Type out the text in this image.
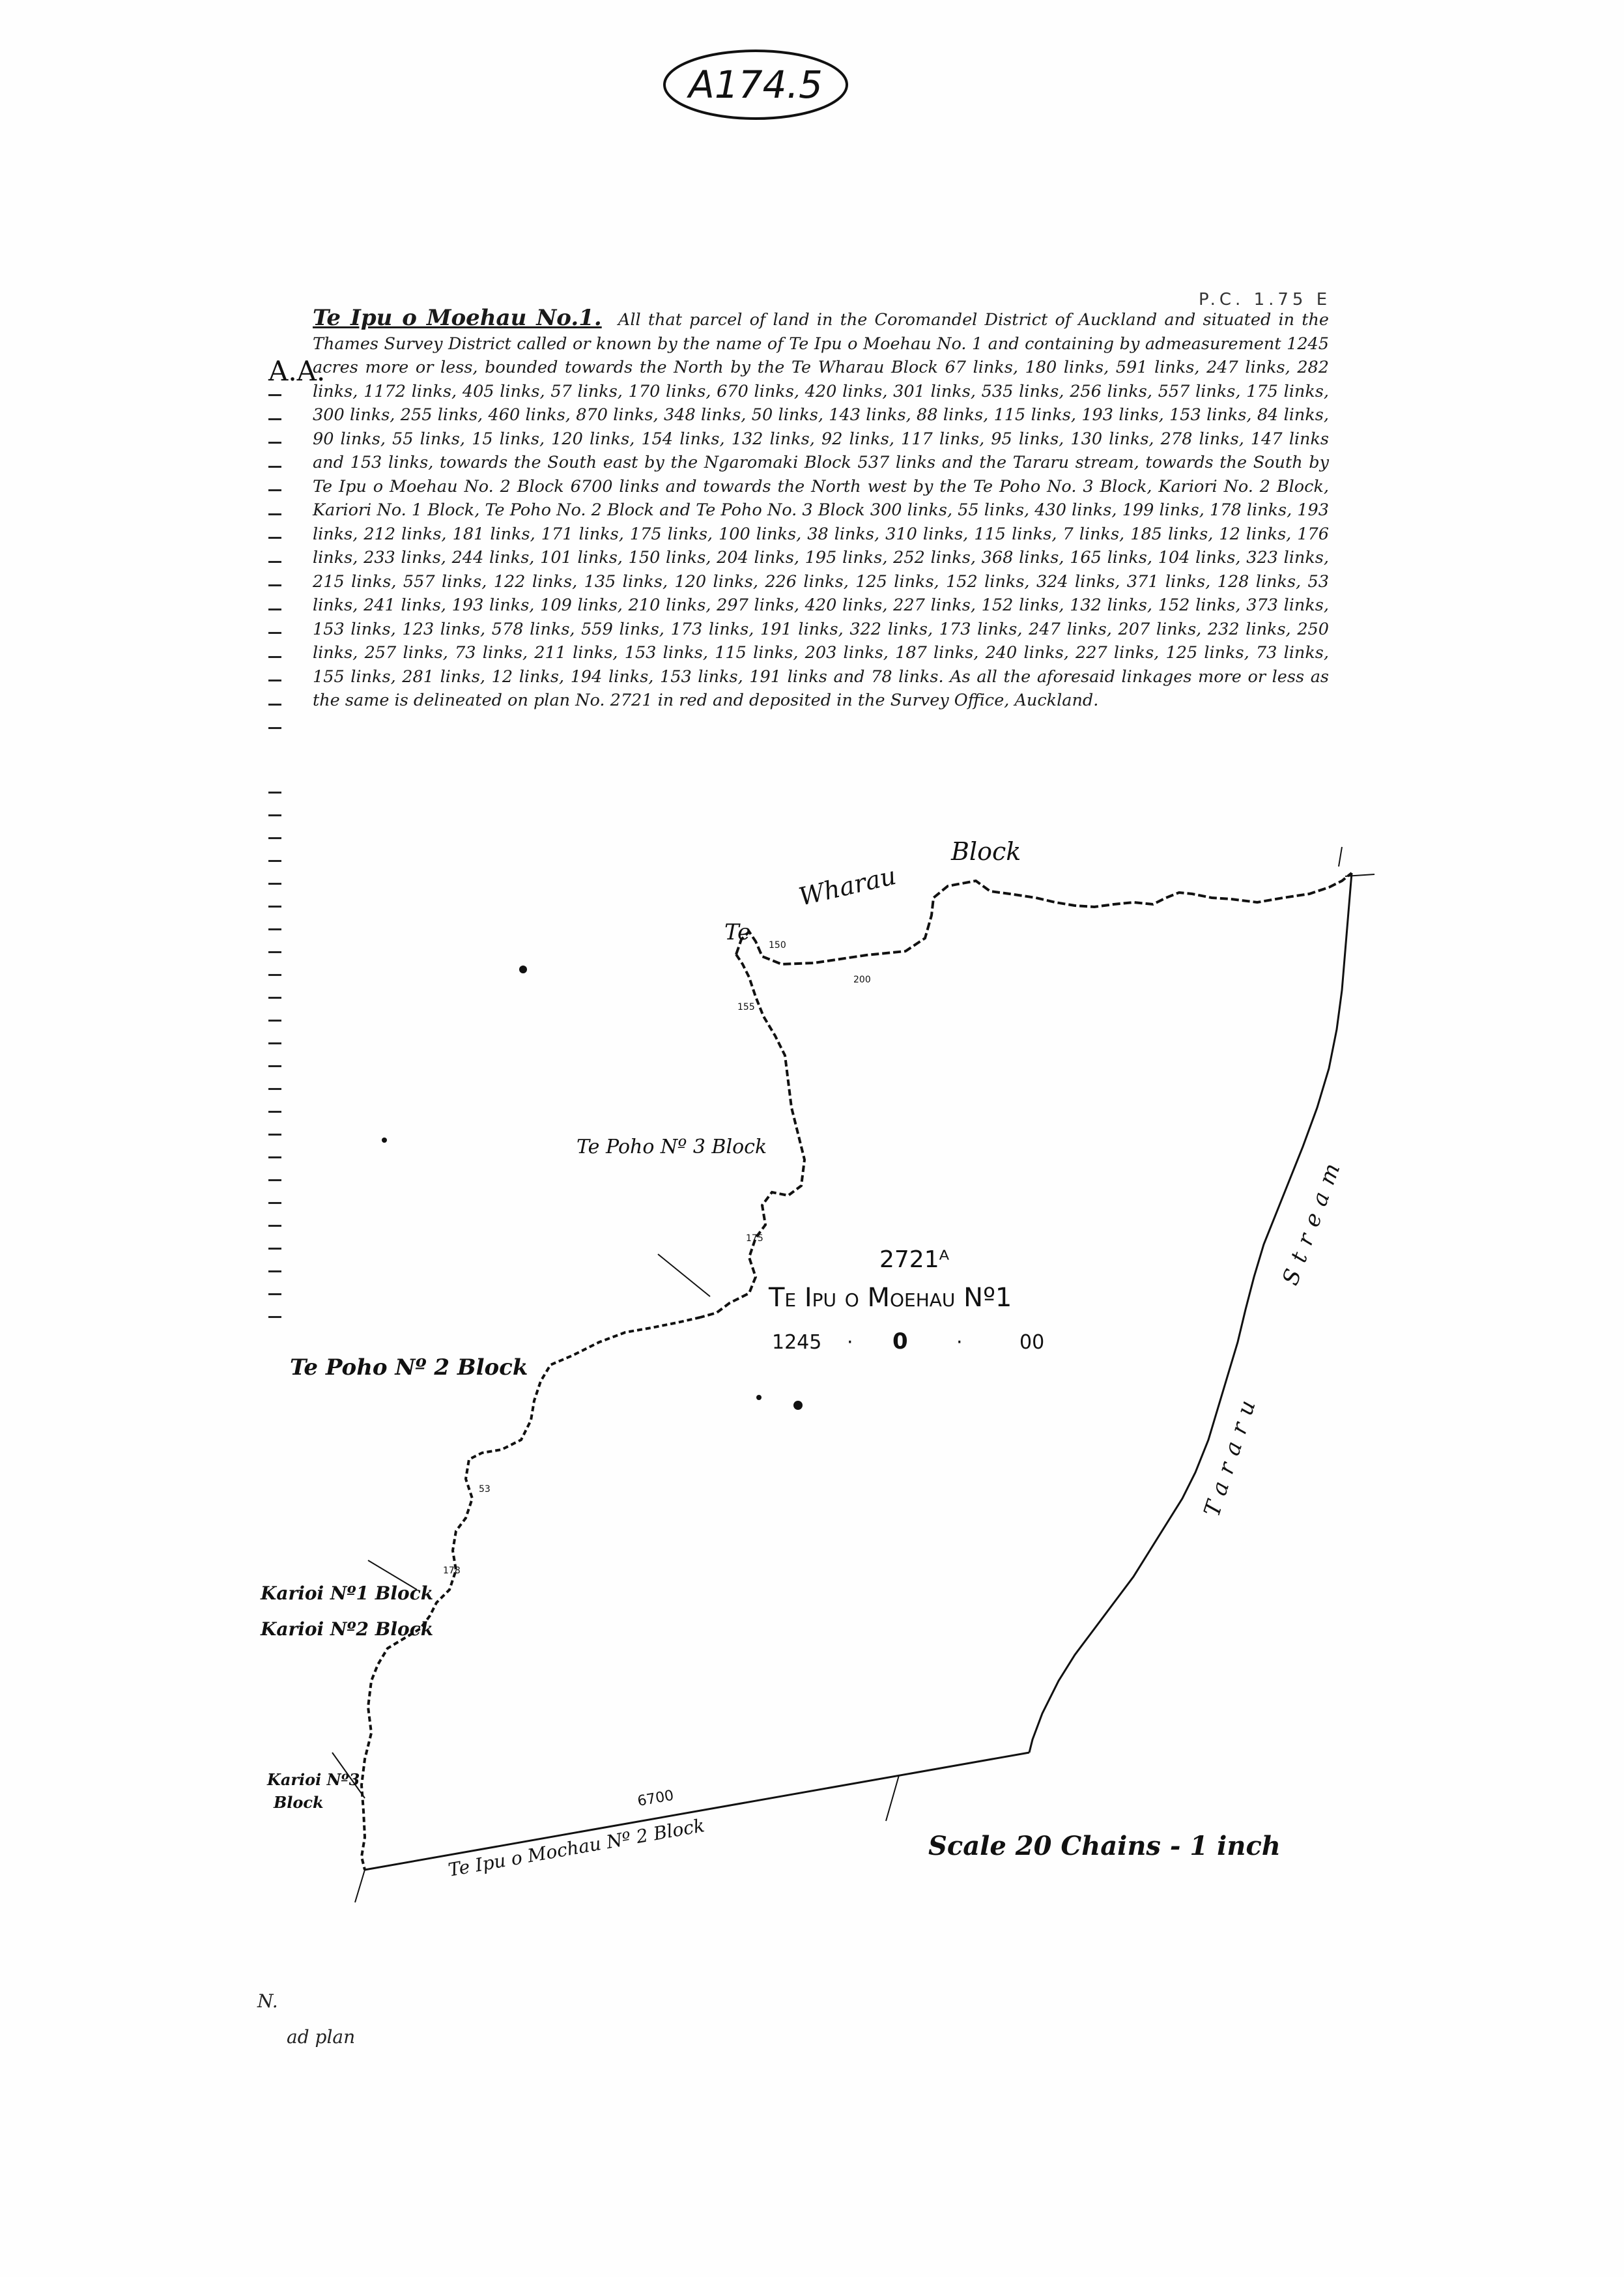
A174.5
P.C. 1.75 E
A.A.
Te Ipu o Moehau No.1. All that parcel of land in the Coromandel District of Auckland and situated in the Thames Survey District called or known by the name of Te Ipu o Moehau No. 1 and containing by admeasurement 1245 acres more or less, bounded towards the North by the Te Wharau Block 67 links, 180 links, 591 links, 247 links, 282 links, 1172 links, 405 links, 57 links, 170 links, 670 links, 420 links, 301 links, 535 links, 256 links, 557 links, 175 links, 300 links, 255 links, 460 links, 870 links, 348 links, 50 links, 143 links, 88 links, 115 links, 193 links, 153 links, 84 links, 90 links, 55 links, 15 links, 120 links, 154 links, 132 links, 92 links, 117 links, 95 links, 130 links, 278 links, 147 links and 153 links, towards the South east by the Ngaromaki Block 537 links and the Tararu stream, towards the South by Te Ipu o Moehau No. 2 Block 6700 links and towards the North west by the Te Poho No. 3 Block, Kariori No. 2 Block, Kariori No. 1 Block, Te Poho No. 2 Block and Te Poho No. 3 Block 300 links, 55 links, 430 links, 199 links, 178 links, 193 links, 212 links, 181 links, 171 links, 175 links, 100 links, 38 links, 310 links, 115 links, 7 links, 185 links, 12 links, 176 links, 233 links, 244 links, 101 links, 150 links, 204 links, 195 links, 252 links, 368 links, 165 links, 104 links, 323 links, 215 links, 557 links, 122 links, 135 links, 120 links, 226 links, 125 links, 152 links, 324 links, 371 links, 128 links, 53 links, 241 links, 193 links, 109 links, 210 links, 297 links, 420 links, 227 links, 152 links, 132 links, 152 links, 373 links, 153 links, 123 links, 578 links, 559 links, 173 links, 191 links, 322 links, 173 links, 247 links, 207 links, 232 links, 250 links, 257 links, 73 links, 211 links, 153 links, 115 links, 203 links, 187 links, 240 links, 227 links, 125 links, 73 links, 155 links, 281 links, 12 links, 194 links, 153 links, 191 links and 78 links. As all the aforesaid linkages more or less as the same is delineated on plan No. 2721 in red and deposited in the Survey Office, Auckland.
Te
Wharau
Block
Te Poho Nº 3 Block
Te Poho Nº 2 Block
Karioi Nº1 Block
Karioi Nº2 Block
Karioi Nº3
Block
2721ᴬ
Te Ipu o Moehau Nº1
1245 · 0 ·	00
Tararu
Stream
Te Ipu o Mochau Nº 2 Block
6700
150
200
155
175
53
178
Scale 20 Chains - 1 inch
N.
ad plan
